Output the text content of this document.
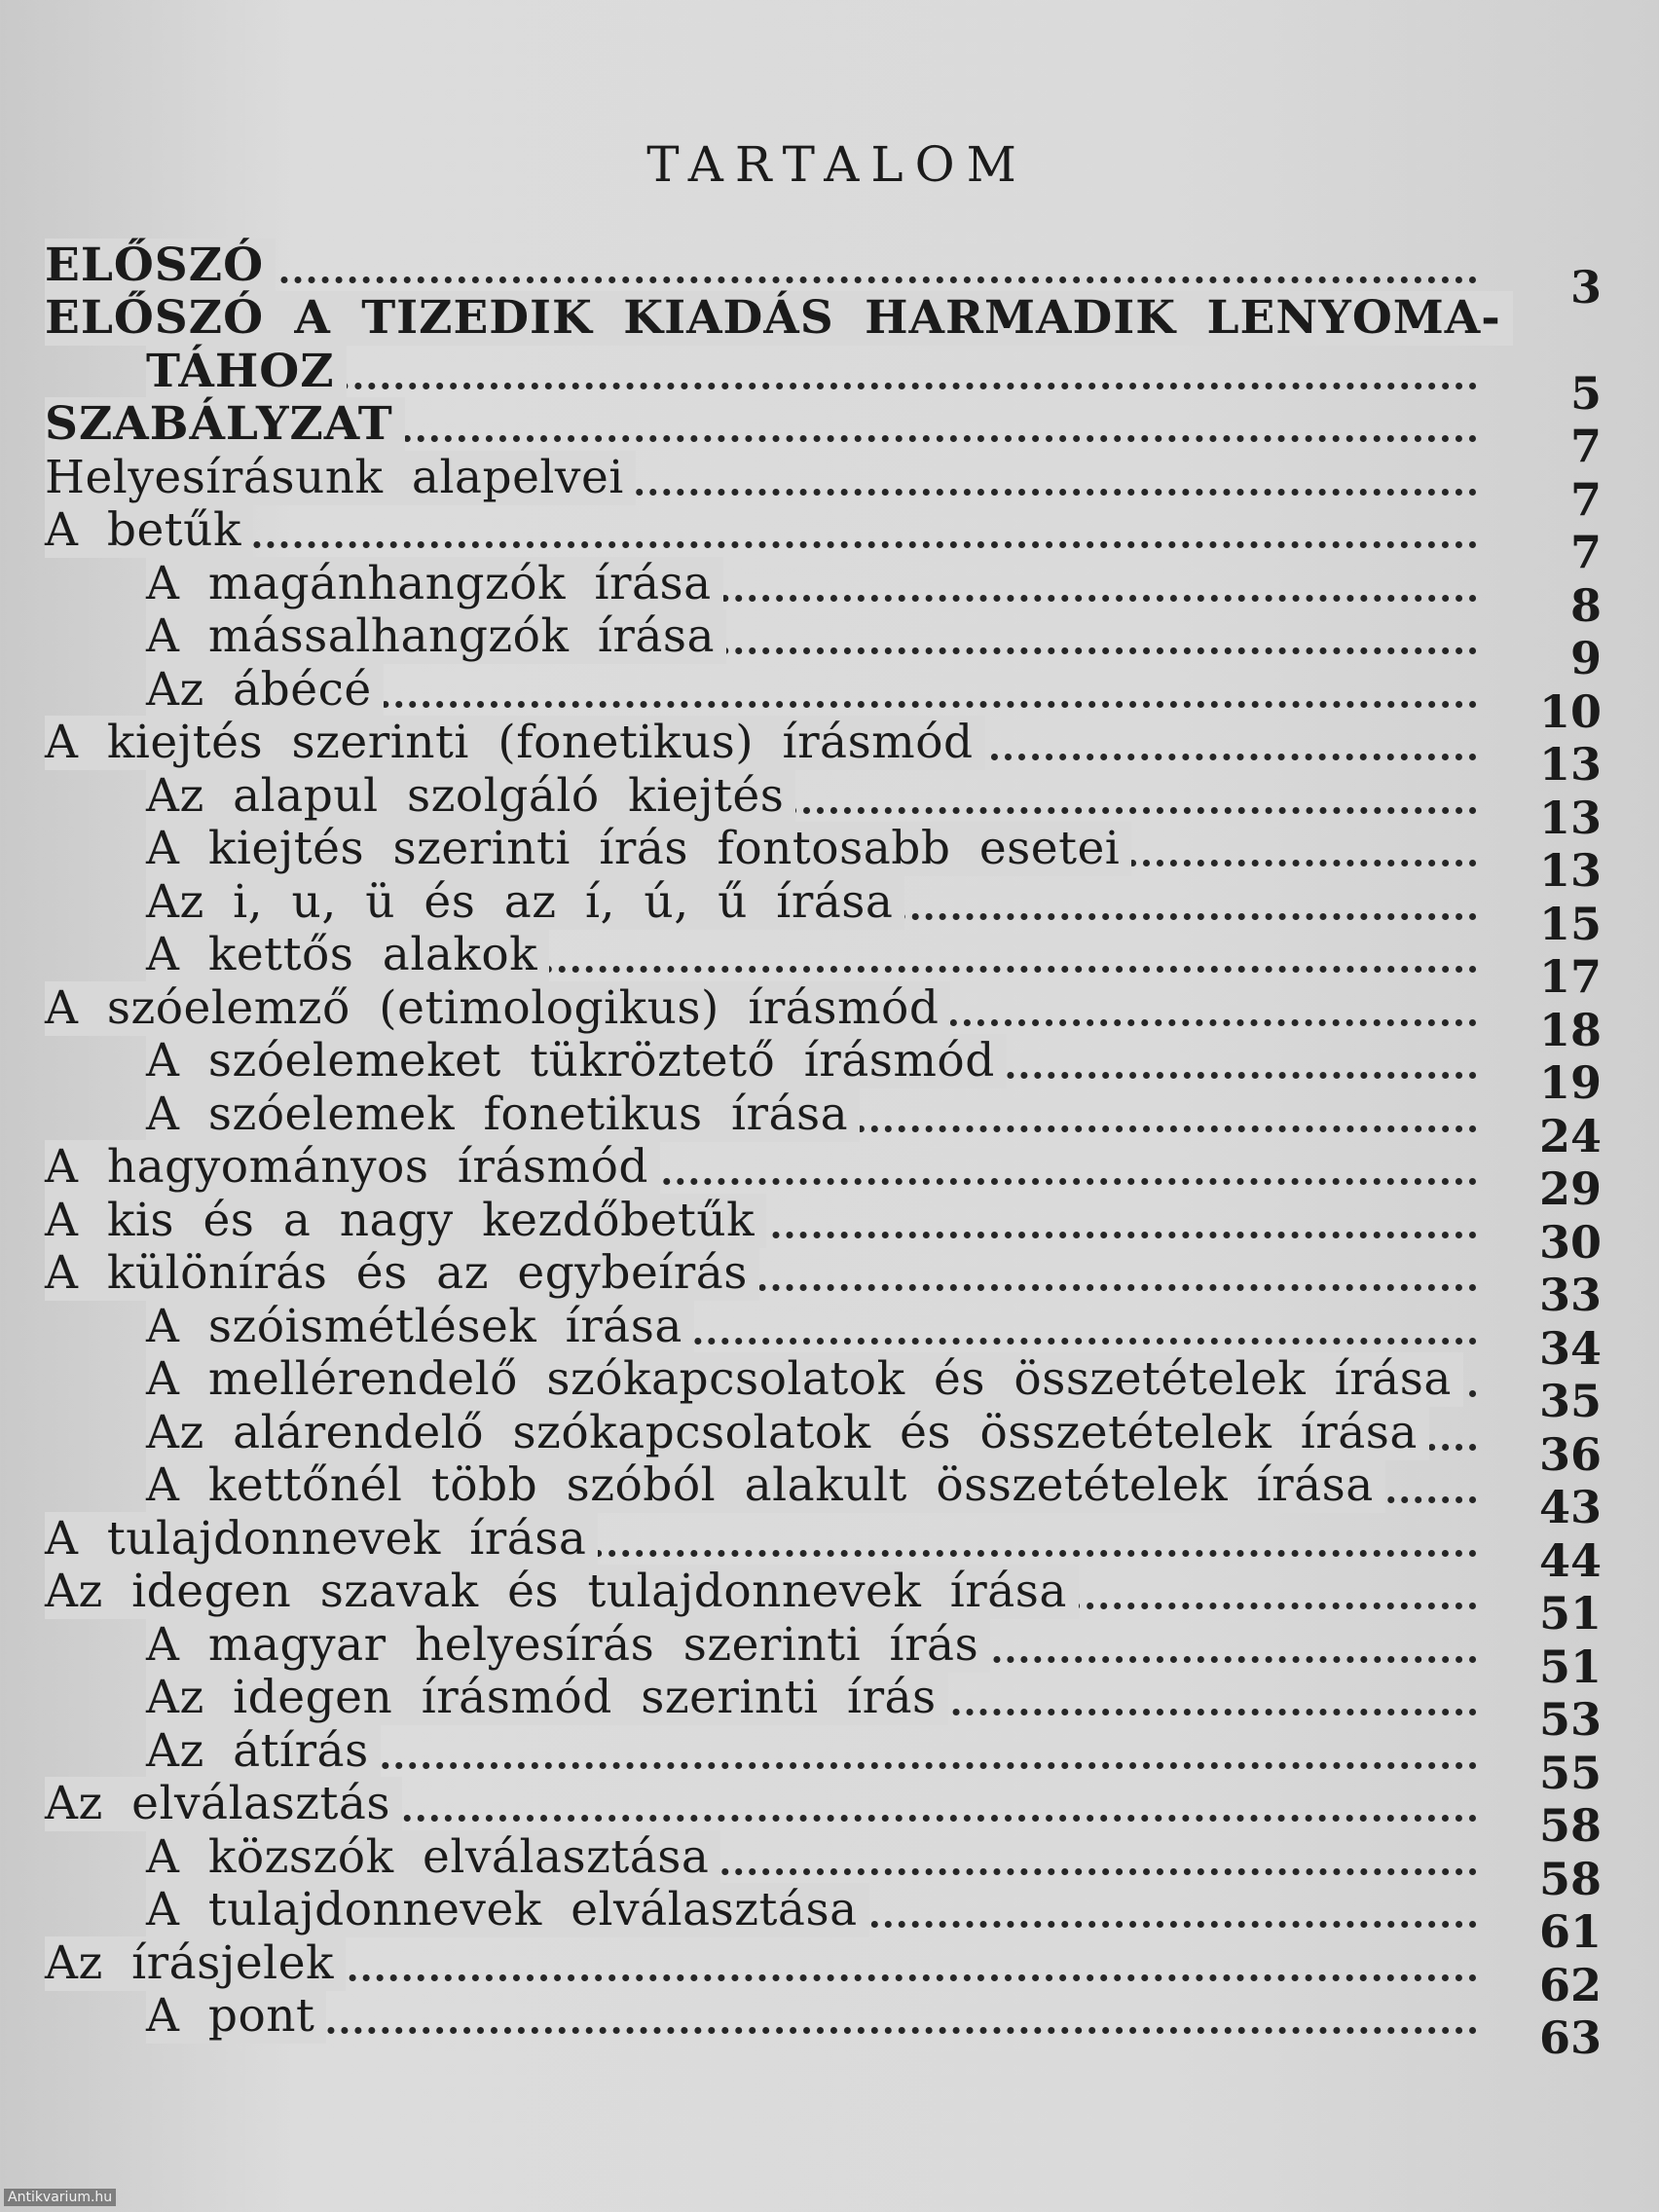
TARTALOM
ELŐSZÓ	3
ELŐSZÓ A TIZEDIK KIADÁS HARMADIK LENYOMA-
TÁHOZ	5
SZABÁLYZAT	7
Helyesírásunk alapelvei	7
A betűk	7
A magánhangzók írása	8
A mássalhangzók írása	9
Az ábécé	10
A kiejtés szerinti (fonetikus) írásmód	13
Az alapul szolgáló kiejtés	13
A kiejtés szerinti írás fontosabb esetei	13
Az i, u, ü és az í, ú, ű írása	15
A kettős alakok	17
A szóelemző (etimologikus) írásmód	18
A szóelemeket tükröztető írásmód	19
A szóelemek fonetikus írása	24
A hagyományos írásmód	29
A kis és a nagy kezdőbetűk	30
A különírás és az egybeírás	33
A szóismétlések írása	34
A mellérendelő szókapcsolatok és összetételek írása	35
Az alárendelő szókapcsolatok és összetételek írása	36
A kettőnél több szóból alakult összetételek írása	43
A tulajdonnevek írása	44
Az idegen szavak és tulajdonnevek írása	51
A magyar helyesírás szerinti írás	51
Az idegen írásmód szerinti írás	53
Az átírás	55
Az elválasztás	58
A közszók elválasztása	58
A tulajdonnevek elválasztása	61
Az írásjelek	62
A pont	63
Antikvarium.hu
